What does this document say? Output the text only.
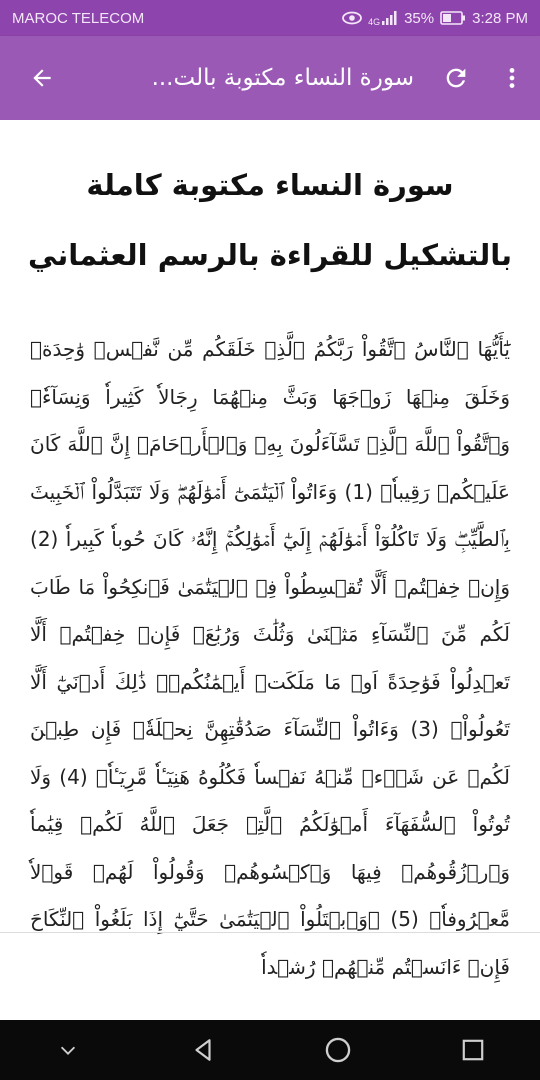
MAROC TELECOM	4G 35%	3:28 PM
سورة النساء مكتوبة بالت...
سورة النساء مكتوبة كاملة بالتشكيل للقراءة بالرسم العثماني

يَٰٓأَيُّهَا ٱلنَّاسُ ٱتَّقُواْ رَبَّكُمُ ٱلَّذِے خَلَقَكُم مِّن نَّفۡسٖ وَٰحِدَةٖ وَخَلَقَ مِنۡهَا زَوۡجَهَا وَبَثَّ مِنۡهُمَا رِجَالاٗ كَثِيراٗ وَنِسَآءٗۚ وَٱتَّقُواْ ٱللَّهَ ٱلَّذِے تَسَّآءَلُونَ بِهِۦ وَٱلۡأَرۡحَامَۚ إِنَّ ٱللَّهَ كَانَ عَلَيۡكُمۡ رَقِيباٗۖ (1) وَءَاتُواْ ٱلۡيَتَٰمَىٰٓ أَمۡوَٰلَهُمۡۖ وَلَا تَتَبَدَّلُواْ ٱلۡخَبِيثَ بِٱلطَّيِّبِۖ وَلَا تَاكُلُوٓاْ أَمۡوَٰلَهُمۡ إِلَيٰٓ أَمۡوَٰلِكُمۡۚ إِنَّهُۥ كَانَ حُوباٗ كَبِيراٗ (2) وَإِنۡ خِفۡتُمۡ أَلَّا تُقۡسِطُواْ فِے ٱلۡيَتَٰمَىٰ فَٱنكِحُواْ مَا طَابَ لَكُم مِّنَ ٱلنِّسَآءِ مَثۡنَىٰ وَثُلَٰثَ وَرُبَٰعَۖ فَإِنۡ خِفۡتُمۡ أَلَّا تَعۡدِلُواْ فَوَٰحِدَةً اَوۡ مَا مَلَكَتۡ أَيۡمَٰنُكُمۡۚ ذَٰلِكَ أَدۡنَيٰٓ أَلَّا تَعُولُواْۖ (3) وَءَاتُواْ ٱلنِّسَآءَ صَدُقَٰتِهِنَّ نِحۡلَةٗۖ فَإِن طِبۡنَ لَكُمۡ عَن شَےۡءٖ مِّنۡهُ نَفۡساٗ فَكُلُوهُ هَنِيٓـٔاٗ مَّرِيٓـٔاٗۖ (4) وَلَا تُوتُواْ ٱلسُّفَهَآءَ أَمۡوَٰلَكُمُ ٱلَّتِے جَعَلَ ٱللَّهُ لَكُمۡ قِيَٰماٗ وَٱرۡزُقُوهُمۡ فِيهَا وَٱكۡسُوهُمۡ وَقُولُواْ لَهُمۡ قَوۡلاٗ مَّعۡرُوفاٗۖ (5) ۞وَٱبۡتَلُواْ ٱلۡيَتَٰمَىٰ حَتَّيٰٓ إِذَا بَلَغُواْ ٱلنِّكَاحَ فَإِنۡ ءَانَسۡتُم مِّنۡهُمۡ رُشۡداٗ
